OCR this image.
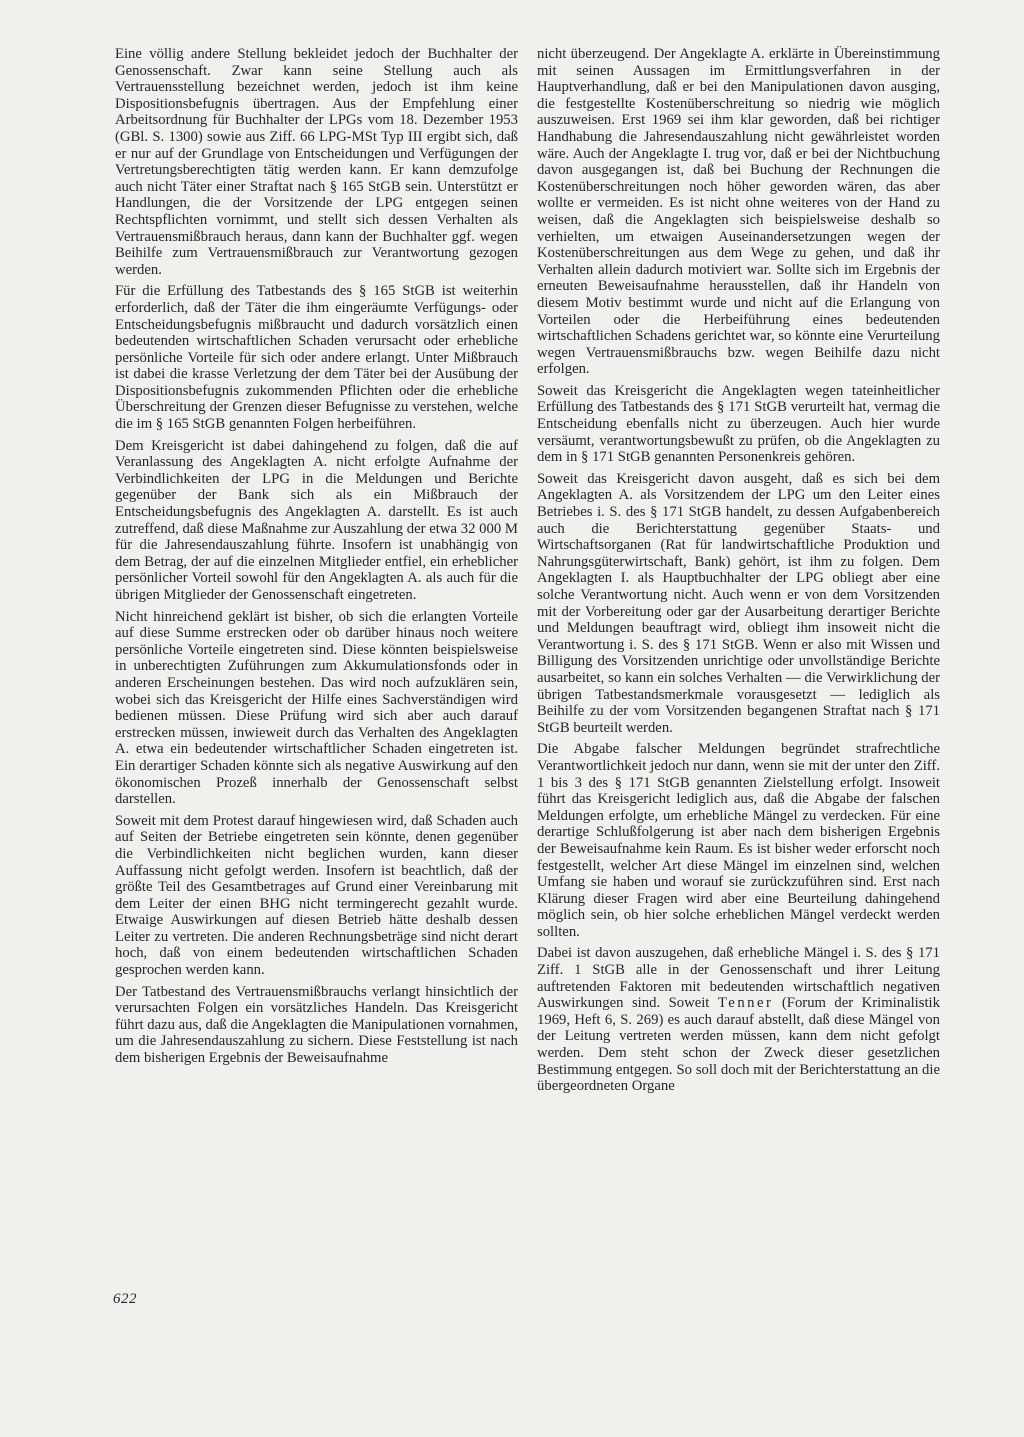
Eine völlig andere Stellung bekleidet jedoch der Buchhalter der Genossenschaft. Zwar kann seine Stellung auch als Vertrauensstellung bezeichnet werden, jedoch ist ihm keine Dispositionsbefugnis übertragen. Aus der Empfehlung einer Arbeitsordnung für Buchhalter der LPGs vom 18. Dezember 1953 (GBl. S. 1300) sowie aus Ziff. 66 LPG-MSt Typ III ergibt sich, daß er nur auf der Grundlage von Entscheidungen und Verfügungen der Vertretungsberechtigten tätig werden kann. Er kann demzufolge auch nicht Täter einer Straftat nach § 165 StGB sein. Unterstützt er Handlungen, die der Vorsitzende der LPG entgegen seinen Rechtspflichten vornimmt, und stellt sich dessen Verhalten als Vertrauensmißbrauch heraus, dann kann der Buchhalter ggf. wegen Beihilfe zum Vertrauensmißbrauch zur Verantwortung gezogen werden.

Für die Erfüllung des Tatbestands des § 165 StGB ist weiterhin erforderlich, daß der Täter die ihm eingeräumte Verfügungs- oder Entscheidungsbefugnis mißbraucht und dadurch vorsätzlich einen bedeutenden wirtschaftlichen Schaden verursacht oder erhebliche persönliche Vorteile für sich oder andere erlangt. Unter Mißbrauch ist dabei die krasse Verletzung der dem Täter bei der Ausübung der Dispositionsbefugnis zukommenden Pflichten oder die erhebliche Überschreitung der Grenzen dieser Befugnisse zu verstehen, welche die im § 165 StGB genannten Folgen herbeiführen.

Dem Kreisgericht ist dabei dahingehend zu folgen, daß die auf Veranlassung des Angeklagten A. nicht erfolgte Aufnahme der Verbindlichkeiten der LPG in die Meldungen und Berichte gegenüber der Bank sich als ein Mißbrauch der Entscheidungsbefugnis des Angeklagten A. darstellt. Es ist auch zutreffend, daß diese Maßnahme zur Auszahlung der etwa 32 000 M für die Jahresendauszahlung führte. Insofern ist unabhängig von dem Betrag, der auf die einzelnen Mitglieder entfiel, ein erheblicher persönlicher Vorteil sowohl für den Angeklagten A. als auch für die übrigen Mitglieder der Genossenschaft eingetreten.

Nicht hinreichend geklärt ist bisher, ob sich die erlangten Vorteile auf diese Summe erstrecken oder ob darüber hinaus noch weitere persönliche Vorteile eingetreten sind. Diese könnten beispielsweise in unberechtigten Zuführungen zum Akkumulationsfonds oder in anderen Erscheinungen bestehen. Das wird noch aufzuklären sein, wobei sich das Kreisgericht der Hilfe eines Sachverständigen wird bedienen müssen. Diese Prüfung wird sich aber auch darauf erstrecken müssen, inwieweit durch das Verhalten des Angeklagten A. etwa ein bedeutender wirtschaftlicher Schaden eingetreten ist. Ein derartiger Schaden könnte sich als negative Auswirkung auf den ökonomischen Prozeß innerhalb der Genossenschaft selbst darstellen.

Soweit mit dem Protest darauf hingewiesen wird, daß Schaden auch auf Seiten der Betriebe eingetreten sein könnte, denen gegenüber die Verbindlichkeiten nicht beglichen wurden, kann dieser Auffassung nicht gefolgt werden. Insofern ist beachtlich, daß der größte Teil des Gesamtbetrages auf Grund einer Vereinbarung mit dem Leiter der einen BHG nicht termingerecht gezahlt wurde. Etwaige Auswirkungen auf diesen Betrieb hätte deshalb dessen Leiter zu vertreten. Die anderen Rechnungsbeträge sind nicht derart hoch, daß von einem bedeutenden wirtschaftlichen Schaden gesprochen werden kann.

Der Tatbestand des Vertrauensmißbrauchs verlangt hinsichtlich der verursachten Folgen ein vorsätzliches Handeln. Das Kreisgericht führt dazu aus, daß die Angeklagten die Manipulationen vornahmen, um die Jahresendauszahlung zu sichern. Diese Feststellung ist nach dem bisherigen Ergebnis der Beweisaufnahme

nicht überzeugend. Der Angeklagte A. erklärte in Übereinstimmung mit seinen Aussagen im Ermittlungsverfahren in der Hauptverhandlung, daß er bei den Manipulationen davon ausging, die festgestellte Kostenüberschreitung so niedrig wie möglich auszuweisen. Erst 1969 sei ihm klar geworden, daß bei richtiger Handhabung die Jahresendauszahlung nicht gewährleistet worden wäre. Auch der Angeklagte I. trug vor, daß er bei der Nichtbuchung davon ausgegangen ist, daß bei Buchung der Rechnungen die Kostenüberschreitungen noch höher geworden wären, das aber wollte er vermeiden. Es ist nicht ohne weiteres von der Hand zu weisen, daß die Angeklagten sich beispielsweise deshalb so verhielten, um etwaigen Auseinandersetzungen wegen der Kostenüberschreitungen aus dem Wege zu gehen, und daß ihr Verhalten allein dadurch motiviert war. Sollte sich im Ergebnis der erneuten Beweisaufnahme herausstellen, daß ihr Handeln von diesem Motiv bestimmt wurde und nicht auf die Erlangung von Vorteilen oder die Herbeiführung eines bedeutenden wirtschaftlichen Schadens gerichtet war, so könnte eine Verurteilung wegen Vertrauensmißbrauchs bzw. wegen Beihilfe dazu nicht erfolgen.

Soweit das Kreisgericht die Angeklagten wegen tateinheitlicher Erfüllung des Tatbestands des § 171 StGB verurteilt hat, vermag die Entscheidung ebenfalls nicht zu überzeugen. Auch hier wurde versäumt, verantwortungsbewußt zu prüfen, ob die Angeklagten zu dem in § 171 StGB genannten Personenkreis gehören.

Soweit das Kreisgericht davon ausgeht, daß es sich bei dem Angeklagten A. als Vorsitzendem der LPG um den Leiter eines Betriebes i. S. des § 171 StGB handelt, zu dessen Aufgabenbereich auch die Berichterstattung gegenüber Staats- und Wirtschaftsorganen (Rat für landwirtschaftliche Produktion und Nahrungsgüterwirtschaft, Bank) gehört, ist ihm zu folgen. Dem Angeklagten I. als Hauptbuchhalter der LPG obliegt aber eine solche Verantwortung nicht. Auch wenn er von dem Vorsitzenden mit der Vorbereitung oder gar der Ausarbeitung derartiger Berichte und Meldungen beauftragt wird, obliegt ihm insoweit nicht die Verantwortung i. S. des § 171 StGB. Wenn er also mit Wissen und Billigung des Vorsitzenden unrichtige oder unvollständige Berichte ausarbeitet, so kann ein solches Verhalten — die Verwirklichung der übrigen Tatbestandsmerkmale vorausgesetzt — lediglich als Beihilfe zu der vom Vorsitzenden begangenen Straftat nach § 171 StGB beurteilt werden.

Die Abgabe falscher Meldungen begründet strafrechtliche Verantwortlichkeit jedoch nur dann, wenn sie mit der unter den Ziff. 1 bis 3 des § 171 StGB genannten Zielstellung erfolgt. Insoweit führt das Kreisgericht lediglich aus, daß die Abgabe der falschen Meldungen erfolgte, um erhebliche Mängel zu verdecken. Für eine derartige Schlußfolgerung ist aber nach dem bisherigen Ergebnis der Beweisaufnahme kein Raum. Es ist bisher weder erforscht noch festgestellt, welcher Art diese Mängel im einzelnen sind, welchen Umfang sie haben und worauf sie zurückzuführen sind. Erst nach Klärung dieser Fragen wird aber eine Beurteilung dahingehend möglich sein, ob hier solche erheblichen Mängel verdeckt werden sollten.

Dabei ist davon auszugehen, daß erhebliche Mängel i. S. des § 171 Ziff. 1 StGB alle in der Genossenschaft und ihrer Leitung auftretenden Faktoren mit bedeutenden wirtschaftlich negativen Auswirkungen sind. Soweit Tenner (Forum der Kriminalistik 1969, Heft 6, S. 269) es auch darauf abstellt, daß diese Mängel von der Leitung vertreten werden müssen, kann dem nicht gefolgt werden. Dem steht schon der Zweck dieser gesetzlichen Bestimmung entgegen. So soll doch mit der Berichterstattung an die übergeordneten Organe

622
